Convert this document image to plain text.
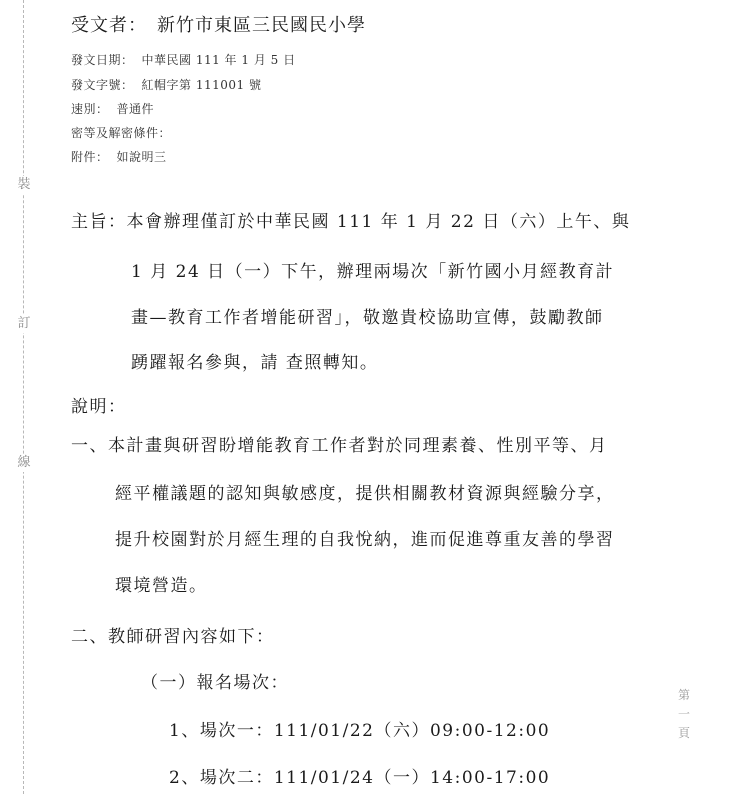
裝
訂
線
受文者：　新竹市東區三民國民小學
發文日期： 中華民國 111 年 1 月 5 日
發文字號： 紅帽字第 111001 號
速別： 普通件
密等及解密條件：
附件： 如說明三
主旨：本會辦理僅訂於中華民國 111 年 1 月 22 日（六）上午、與
1 月 24 日（一）下午，辦理兩場次「新竹國小月經教育計
畫—教育工作者增能研習」，敬邀貴校協助宣傳，鼓勵教師
踴躍報名參與，請 查照轉知。
說明：
一、本計畫與研習盼增能教育工作者對於同理素養、性別平等、月
經平權議題的認知與敏感度，提供相關教材資源與經驗分享，
提升校園對於月經生理的自我悅納，進而促進尊重友善的學習
環境營造。
二、教師研習內容如下：
（一）報名場次：
1、場次一：111/01/22（六）09:00-12:00
2、場次二：111/01/24（一）14:00-17:00
第
一
頁
